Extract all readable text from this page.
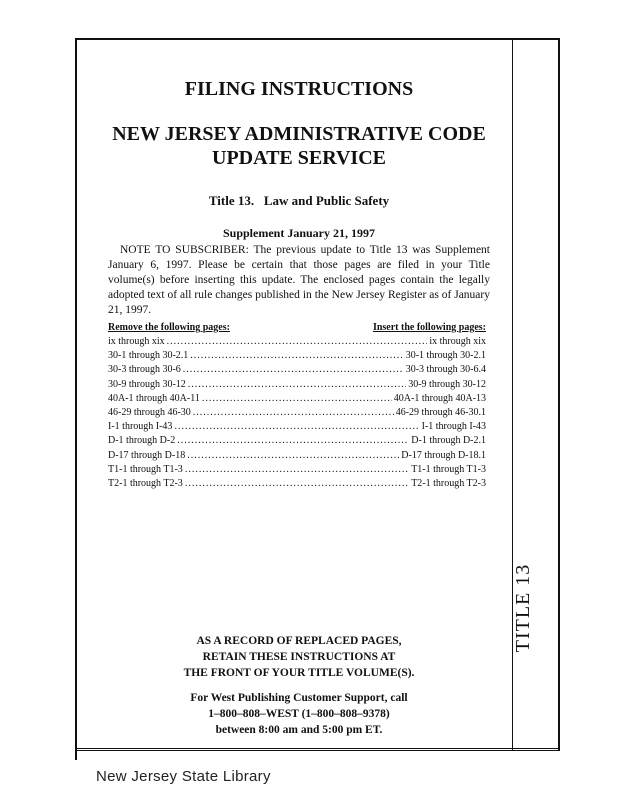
TITLE 13
FILING INSTRUCTIONS
NEW JERSEY ADMINISTRATIVE CODE
UPDATE SERVICE
Title 13.   Law and Public Safety
Supplement January 21, 1997
NOTE TO SUBSCRIBER: The previous update to Title 13 was Supplement January 6, 1997. Please be certain that those pages are filed in your Title volume(s) before inserting this update. The enclosed pages contain the legally adopted text of all rule changes published in the New Jersey Register as of January 21, 1997.
Remove the following pages:	Insert the following pages:
ix through xix .....	ix through xix
30-1 through 30-2.1 .....	30-1 through 30-2.1
30-3 through 30-6 .....	30-3 through 30-6.4
30-9 through 30-12 .....	30-9 through 30-12
40A-1 through 40A-11 .....	40A-1 through 40A-13
46-29 through 46-30 .....	46-29 through 46-30.1
I-1 through I-43 .....	I-1 through I-43
D-1 through D-2 .....	D-1 through D-2.1
D-17 through D-18 .....	D-17 through D-18.1
T1-1 through T1-3 .....	T1-1 through T1-3
T2-1 through T2-3 .....	T2-1 through T2-3
AS A RECORD OF REPLACED PAGES,
RETAIN THESE INSTRUCTIONS AT
THE FRONT OF YOUR TITLE VOLUME(S).
For West Publishing Customer Support, call
1–800–808–WEST (1–800–808–9378)
between 8:00 am and 5:00 pm ET.
New Jersey State Library
